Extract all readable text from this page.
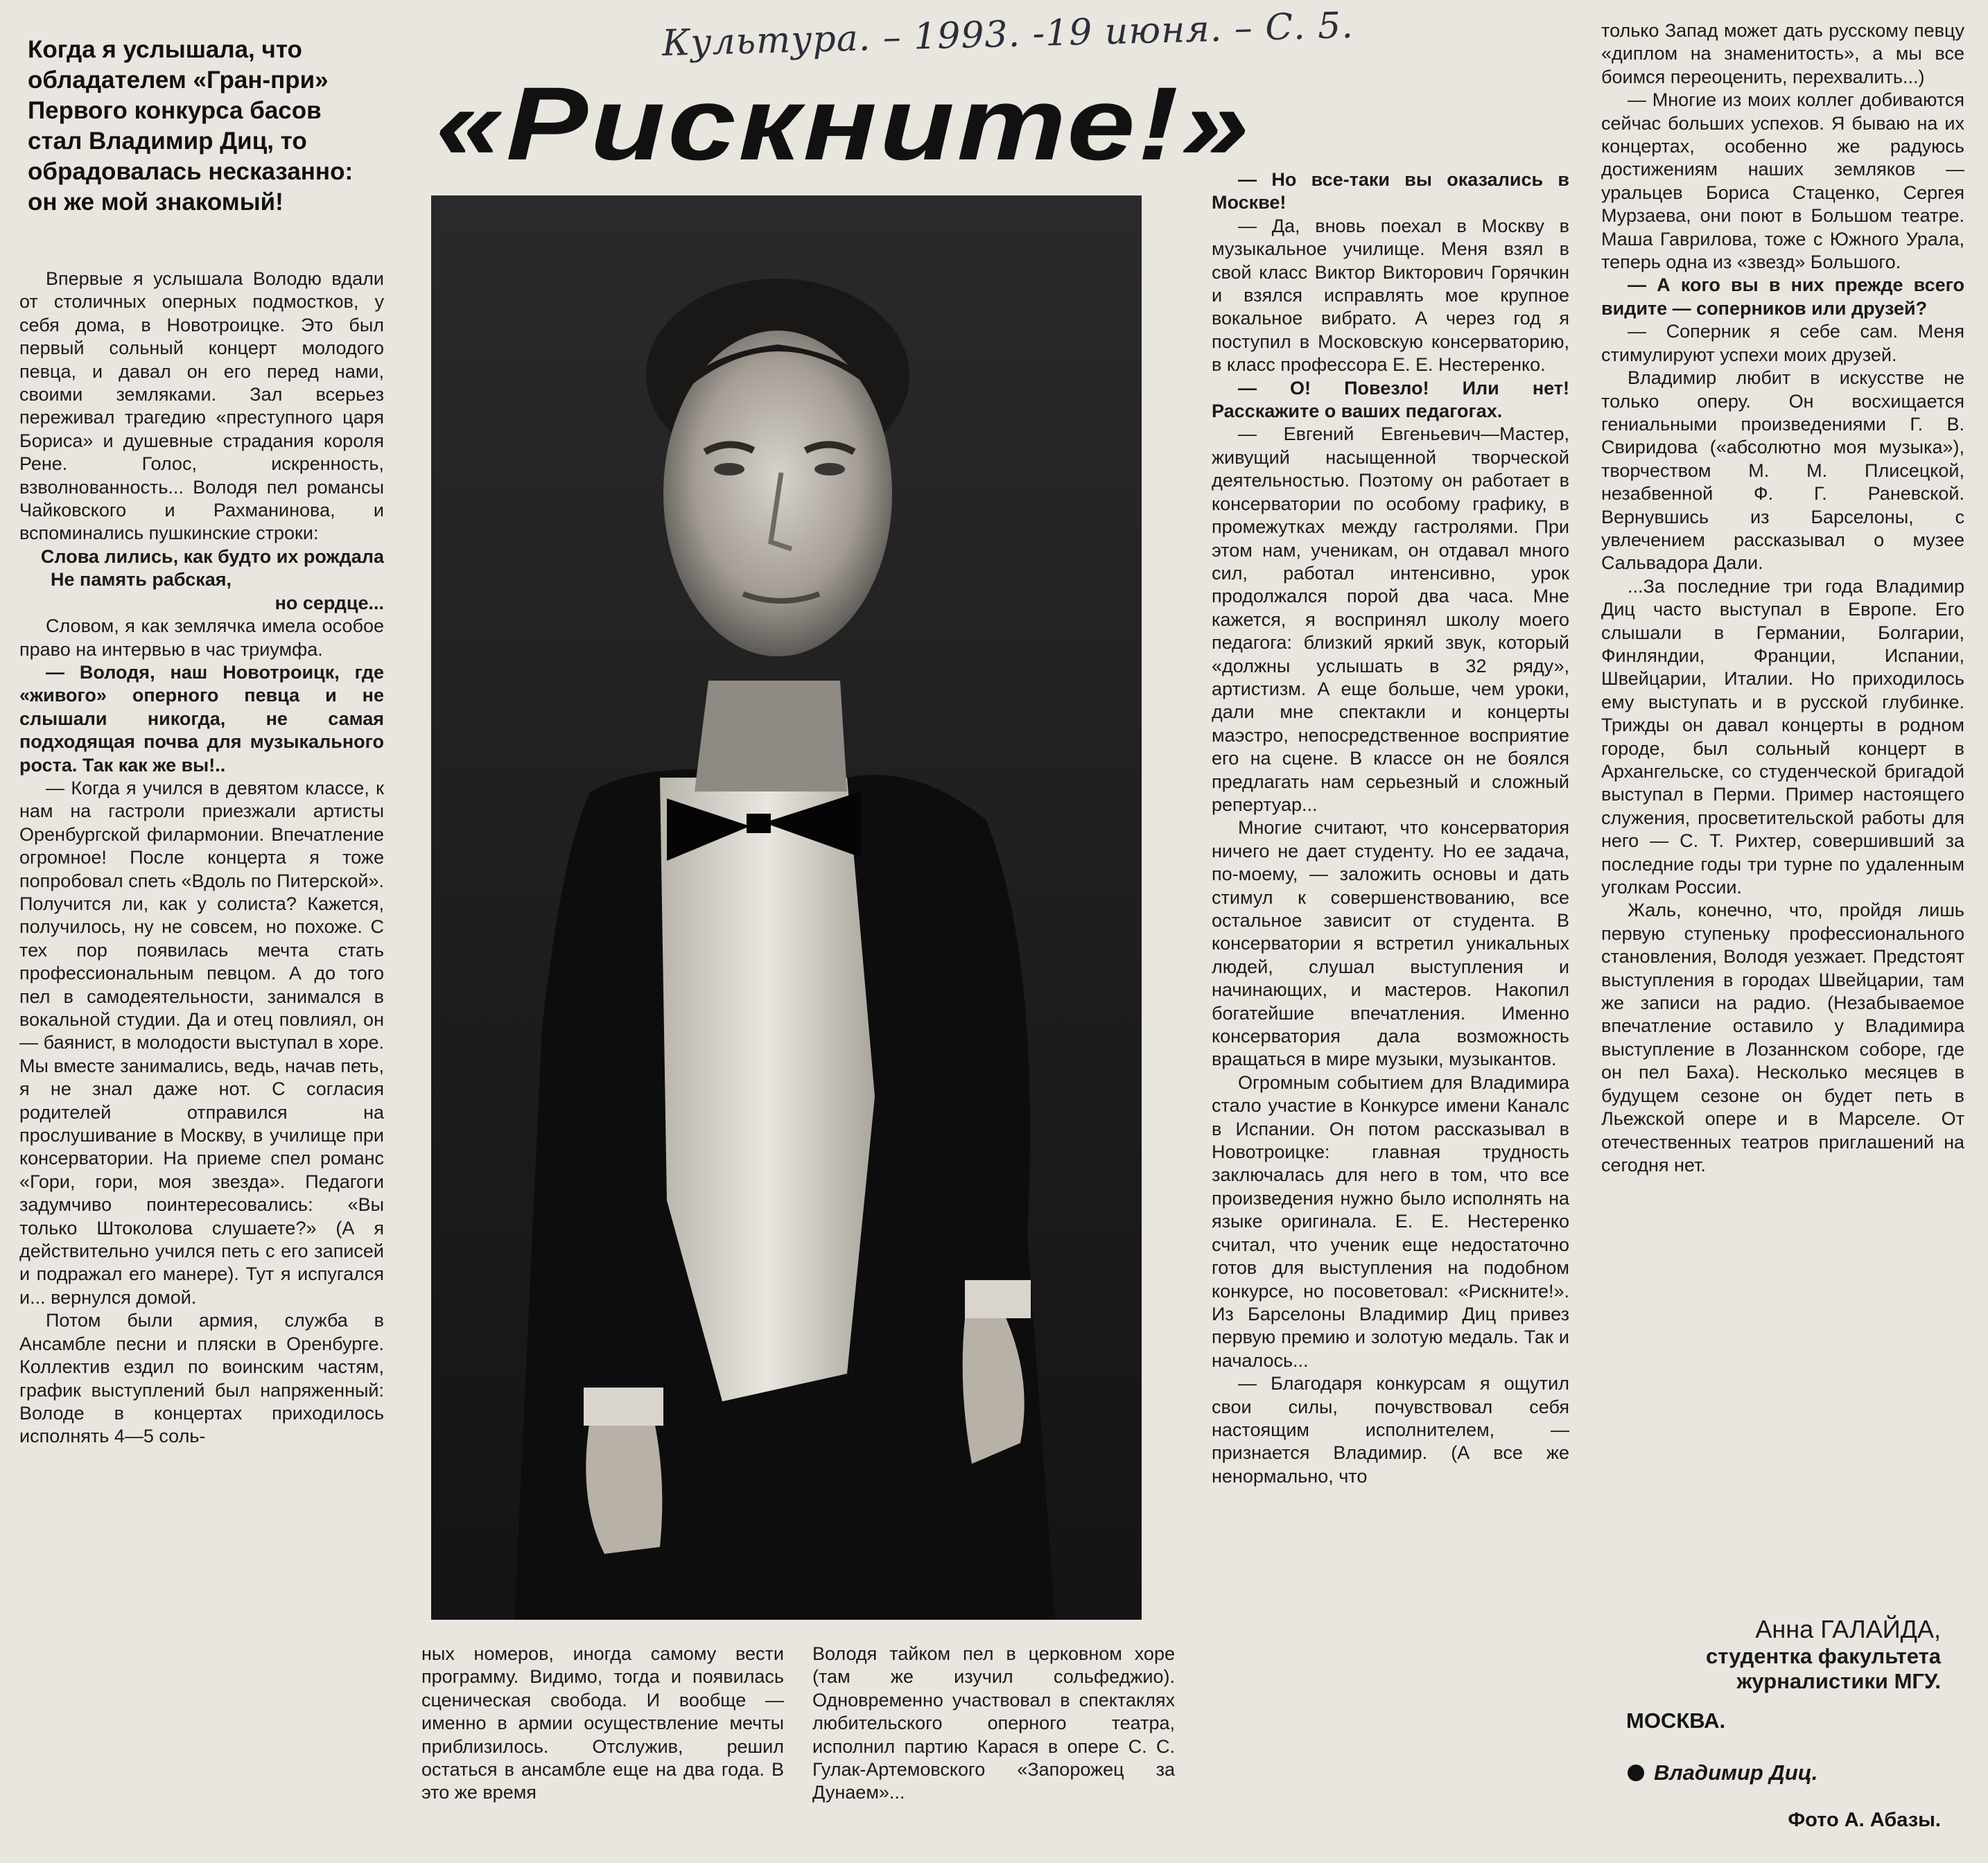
Культура. – 1993. -19 июня. – С. 5.
«Рискните!»
Когда я услышала, что обладателем «Гран-при» Первого конкурса басов стал Владимир Диц, то обрадовалась несказанно: он же мой знакомый!

Впервые я услышала Володю вдали от столичных оперных подмостков, у себя дома, в Новотроицке. Это был первый сольный концерт молодого певца, и давал он его перед нами, своими земляками. Зал всерьез переживал трагедию «преступного царя Бориса» и душевные страдания короля Рене. Голос, искренность, взволнованность... Володя пел романсы Чайковского и Рахманинова, и вспоминались пушкинские строки:

Слова лились, как будто их рождала

Не память рабская,

но сердце...

Словом, я как землячка имела особое право на интервью в час триумфа.

— Володя, наш Новотроицк, где «живого» оперного певца и не слышали никогда, не самая подходящая почва для музыкального роста. Так как же вы!..

— Когда я учился в девятом классе, к нам на гастроли приезжали артисты Оренбургской филармонии. Впечатление огромное! После концерта я тоже попробовал спеть «Вдоль по Питерской». Получится ли, как у солиста? Кажется, получилось, ну не совсем, но похоже. С тех пор появилась мечта стать профессиональным певцом. А до того пел в самодеятельности, занимался в вокальной студии. Да и отец повлиял, он — баянист, в молодости выступал в хоре. Мы вместе занимались, ведь, начав петь, я не знал даже нот. С согласия родителей отправился на прослушивание в Москву, в училище при консерватории. На приеме спел романс «Гори, гори, моя звезда». Педагоги задумчиво поинтересовались: «Вы только Штоколова слушаете?» (А я действительно учился петь с его записей и подражал его манере). Тут я испугался и... вернулся домой.

Потом были армия, служба в Ансамбле песни и пляски в Оренбурге. Коллектив ездил по воинским частям, график выступлений был напряженный: Володе в концертах приходилось исполнять 4—5 соль-

ных номеров, иногда самому вести программу. Видимо, тогда и появилась сценическая свобода. И вообще — именно в армии осуществление мечты приблизилось. Отслужив, решил остаться в ансамбле еще на два года. В это же время

Володя тайком пел в церковном хоре (там же изучил сольфеджио). Одновременно участвовал в спектаклях любительского оперного театра, исполнил партию Карася в опере С. С. Гулак-Артемовского «Запорожец за Дунаем»...

— Но все-таки вы оказались в Москве!

— Да, вновь поехал в Москву в музыкальное училище. Меня взял в свой класс Виктор Викторович Горячкин и взялся исправлять мое крупное вокальное вибрато. А через год я поступил в Московскую консерваторию, в класс профессора Е. Е. Нестеренко.

— О! Повезло! Или нет! Расскажите о ваших педагогах.

— Евгений Евгеньевич—Мастер, живущий насыщенной творческой деятельностью. Поэтому он работает в консерватории по особому графику, в промежутках между гастролями. При этом нам, ученикам, он отдавал много сил, работал интенсивно, урок продолжался порой два часа. Мне кажется, я воспринял школу моего педагога: близкий яркий звук, который «должны услышать в 32 ряду», артистизм. А еще больше, чем уроки, дали мне спектакли и концерты маэстро, непосредственное восприятие его на сцене. В классе он не боялся предлагать нам серьезный и сложный репертуар...

Многие считают, что консерватория ничего не дает студенту. Но ее задача, по-моему, — заложить основы и дать стимул к совершенствованию, все остальное зависит от студента. В консерватории я встретил уникальных людей, слушал выступления и начинающих, и мастеров. Накопил богатейшие впечатления. Именно консерватория дала возможность вращаться в мире музыки, музыкантов.

Огромным событием для Владимира стало участие в Конкурсе имени Каналс в Испании. Он потом рассказывал в Новотроицке: главная трудность заключалась для него в том, что все произведения нужно было исполнять на языке оригинала. Е. Е. Нестеренко считал, что ученик еще недостаточно готов для выступления на подобном конкурсе, но посоветовал: «Рискните!». Из Барселоны Владимир Диц привез первую премию и золотую медаль. Так и началось...

— Благодаря конкурсам я ощутил свои силы, почувствовал себя настоящим исполнителем, — признается Владимир. (А все же ненормально, что

только Запад может дать русскому певцу «диплом на знаменитость», а мы все боимся переоценить, перехвалить...)

— Многие из моих коллег добиваются сейчас больших успехов. Я бываю на их концертах, особенно же радуюсь достижениям наших земляков — уральцев Бориса Стаценко, Сергея Мурзаева, они поют в Большом театре. Маша Гаврилова, тоже с Южного Урала, теперь одна из «звезд» Большого.

— А кого вы в них прежде всего видите — соперников или друзей?

— Соперник я себе сам. Меня стимулируют успехи моих друзей.

Владимир любит в искусстве не только оперу. Он восхищается гениальными произведениями Г. В. Свиридова («абсолютно моя музыка»), творчеством М. М. Плисецкой, незабвенной Ф. Г. Раневской. Вернувшись из Барселоны, с увлечением рассказывал о музее Сальвадора Дали.

...За последние три года Владимир Диц часто выступал в Европе. Его слышали в Германии, Болгарии, Финляндии, Франции, Испании, Швейцарии, Италии. Но приходилось ему выступать и в русской глубинке. Трижды он давал концерты в родном городе, был сольный концерт в Архангельске, со студенческой бригадой выступал в Перми. Пример настоящего служения, просветительской работы для него — С. Т. Рихтер, совершивший за последние годы три турне по удаленным уголкам России.

Жаль, конечно, что, пройдя лишь первую ступеньку профессионального становления, Володя уезжает. Предстоят выступления в городах Швейцарии, там же записи на радио. (Незабываемое впечатление оставило у Владимира выступление в Лозаннском соборе, где он пел Баха). Несколько месяцев в будущем сезоне он будет петь в Льежской опере и в Марселе. От отечественных театров приглашений на сегодня нет.

Анна ГАЛАЙДА,
студентка факультета
журналистики МГУ.
МОСКВА.
Владимир Диц.
Фото А. Абазы.
